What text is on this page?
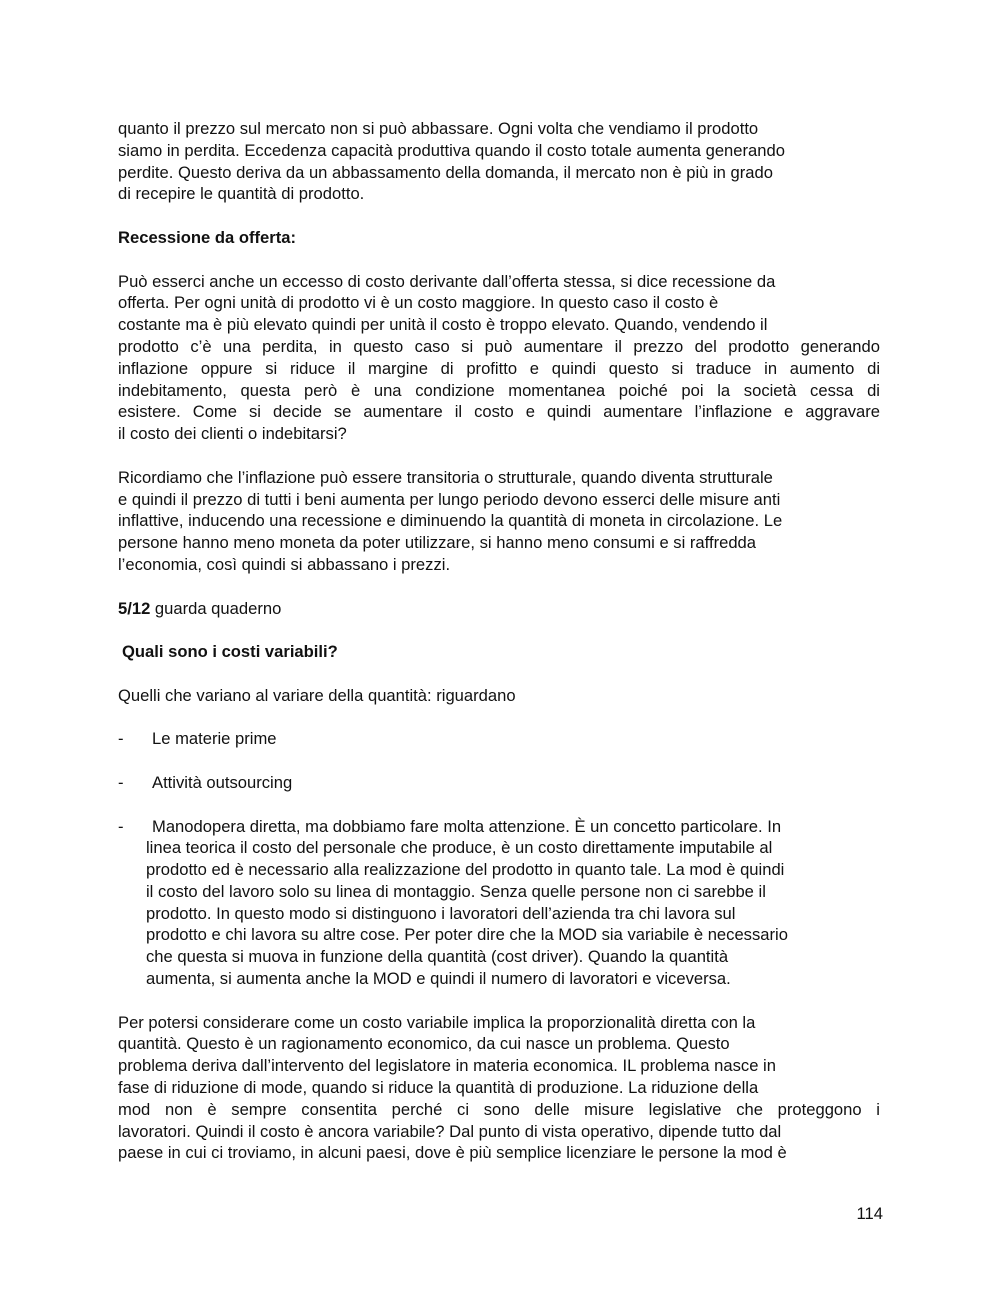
quanto il prezzo sul mercato non si può abbassare. Ogni volta che vendiamo il prodotto
siamo in perdita. Eccedenza capacità produttiva quando il costo totale aumenta generando
perdite. Questo deriva da un abbassamento della domanda, il mercato non è più in grado
di recepire le quantità di prodotto.

Recessione da offerta:

Può esserci anche un eccesso di costo derivante dall’offerta stessa, si dice recessione da
offerta. Per ogni unità di prodotto vi è un costo maggiore. In questo caso il costo è
costante ma è più elevato quindi per unità il costo è troppo elevato. Quando, vendendo il
prodotto c’è una perdita, in questo caso si può aumentare il prezzo del prodotto generando
inflazione oppure si riduce il margine di profitto e quindi questo si traduce in aumento di
indebitamento, questa però è una condizione momentanea poiché poi la società cessa di
esistere. Come si decide se aumentare il costo e quindi aumentare l’inflazione e aggravare
il costo dei clienti o indebitarsi?

Ricordiamo che l’inflazione può essere transitoria o strutturale, quando diventa strutturale
e quindi il prezzo di tutti i beni aumenta per lungo periodo devono esserci delle misure anti
inflattive, inducendo una recessione e diminuendo la quantità di moneta in circolazione. Le
persone hanno meno moneta da poter utilizzare, si hanno meno consumi e si raffredda
l’economia, così quindi si abbassano i prezzi.

5/12 guarda quaderno

Quali sono i costi variabili?

Quelli che variano al variare della quantità: riguardano

-	Le materie prime
-	Attività outsourcing
-	Manodopera diretta, ma dobbiamo fare molta attenzione. È un concetto particolare. In
linea teorica il costo del personale che produce, è un costo direttamente imputabile al
prodotto ed è necessario alla realizzazione del prodotto in quanto tale. La mod è quindi
il costo del lavoro solo su linea di montaggio. Senza quelle persone non ci sarebbe il
prodotto. In questo modo si distinguono i lavoratori dell’azienda tra chi lavora sul
prodotto e chi lavora su altre cose. Per poter dire che la MOD sia variabile è necessario
che questa si muova in funzione della quantità (cost driver). Quando la quantità
aumenta, si aumenta anche la MOD e quindi il numero di lavoratori e viceversa.

Per potersi considerare come un costo variabile implica la proporzionalità diretta con la
quantità. Questo è un ragionamento economico, da cui nasce un problema. Questo
problema deriva dall’intervento del legislatore in materia economica. IL problema nasce in
fase di riduzione di mode, quando si riduce la quantità di produzione. La riduzione della
mod non è sempre consentita perché ci sono delle misure legislative che proteggono i
lavoratori. Quindi il costo è ancora variabile? Dal punto di vista operativo, dipende tutto dal
paese in cui ci troviamo, in alcuni paesi, dove è più semplice licenziare le persone la mod è

114
